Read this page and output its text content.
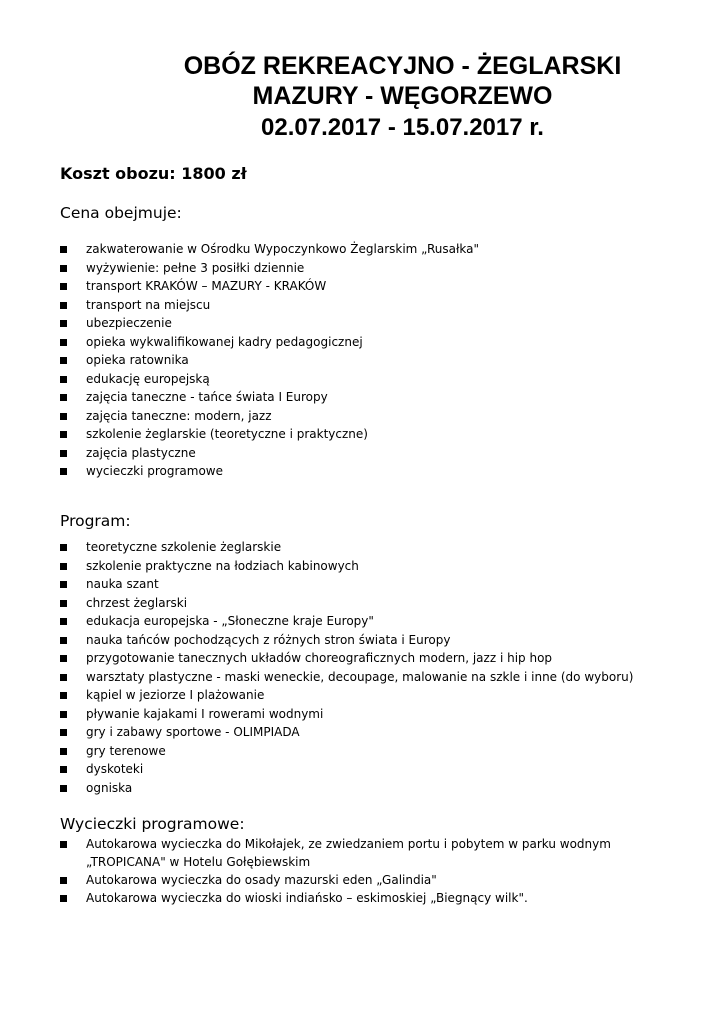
OBÓZ REKREACYJNO - ŻEGLARSKI
MAZURY - WĘGORZEWO
02.07.2017 - 15.07.2017 r.
Koszt obozu: 1800 zł
Cena obejmuje:
zakwaterowanie w Ośrodku Wypoczynkowo Żeglarskim „Rusałka"
wyżywienie: pełne 3 posiłki dziennie
transport KRAKÓW – MAZURY - KRAKÓW
transport na miejscu
ubezpieczenie
opieka wykwalifikowanej kadry pedagogicznej
opieka ratownika
edukację europejską
zajęcia taneczne - tańce świata I Europy
zajęcia taneczne: modern, jazz
szkolenie żeglarskie (teoretyczne i praktyczne)
zajęcia plastyczne
wycieczki programowe
Program:
teoretyczne szkolenie żeglarskie
szkolenie praktyczne na łodziach kabinowych
nauka szant
chrzest żeglarski
edukacja europejska - „Słoneczne kraje Europy"
nauka tańców pochodzących z różnych stron świata i Europy
przygotowanie tanecznych układów choreograficznych modern, jazz i hip hop
warsztaty plastyczne - maski weneckie, decoupage, malowanie na szkle i inne (do wyboru)
kąpiel w jeziorze I plażowanie
pływanie kajakami I rowerami wodnymi
gry i zabawy sportowe - OLIMPIADA
gry terenowe
dyskoteki
ogniska
Wycieczki programowe:
Autokarowa wycieczka do Mikołajek, ze zwiedzaniem portu i pobytem w parku wodnym „TROPICANA" w Hotelu Gołębiewskim
Autokarowa wycieczka do osady mazurski eden „Galindia"
Autokarowa wycieczka do wioski indiańsko – eskimoskiej „Biegnący wilk".
